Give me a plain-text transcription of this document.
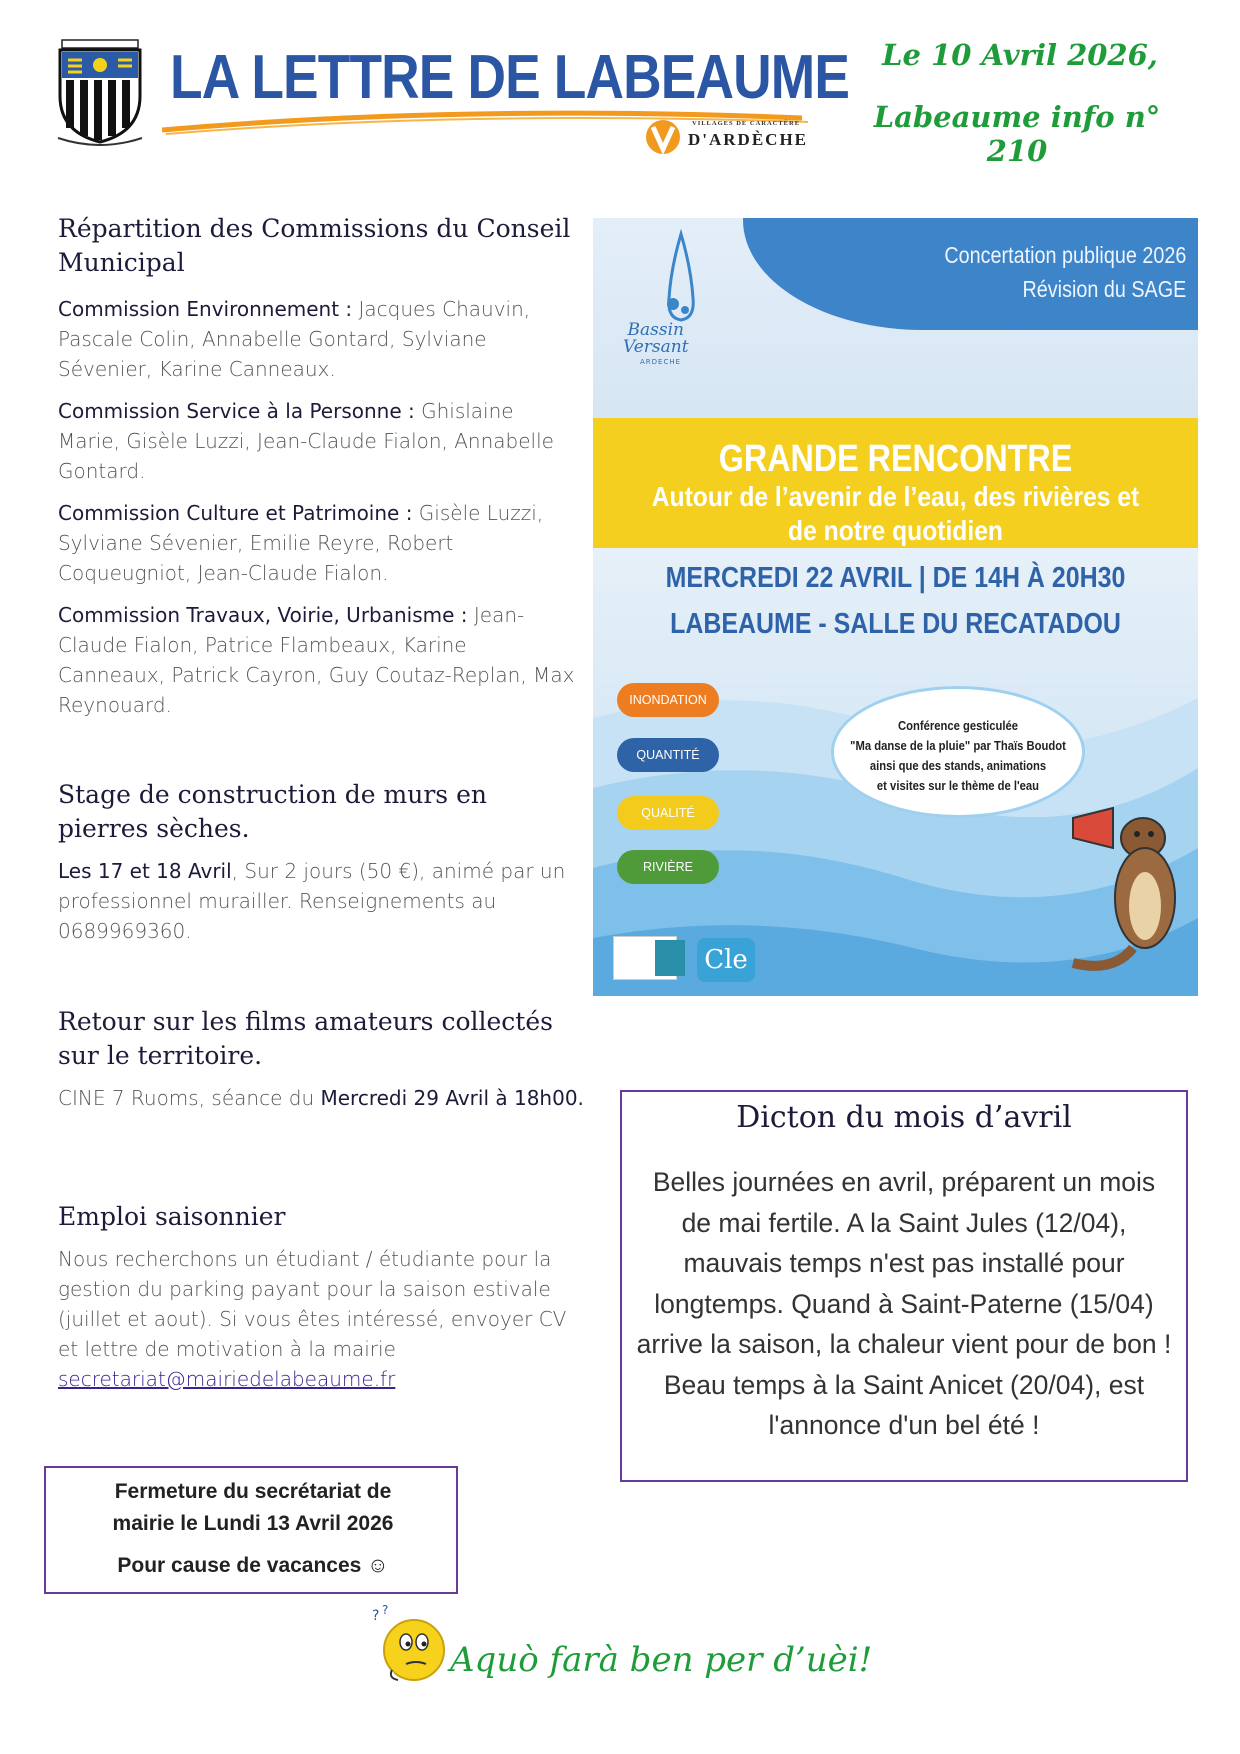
LA LETTRE DE LABEAUME
VILLAGES DE CARACTÈRE
D'ARDÈCHE
Le 10 Avril 2026,
Labeaume info n° 210
Répartition des Commissions du Conseil Municipal

Commission Environnement : Jacques Chauvin, Pascale Colin, Annabelle Gontard, Sylviane Sévenier, Karine Canneaux.

Commission Service à la Personne : Ghislaine Marie, Gisèle Luzzi, Jean-Claude Fialon, Annabelle Gontard.

Commission Culture et Patrimoine : Gisèle Luzzi, Sylviane Sévenier, Emilie Reyre, Robert Coqueugniot, Jean-Claude Fialon.

Commission Travaux, Voirie, Urbanisme : Jean-Claude Fialon, Patrice Flambeaux, Karine Canneaux, Patrick Cayron, Guy Coutaz-Replan, Max Reynouard.

Stage de construction de murs en pierres sèches.
Les 17 et 18 Avril, Sur 2 jours (50 €), animé par un professionnel murailler. Renseignements au 0689969360.
Retour sur les films amateurs collectés sur le territoire.
CINE 7 Ruoms, séance du Mercredi 29 Avril à 18h00.
Emploi saisonnier
Nous recherchons un étudiant / étudiante pour la gestion du parking payant pour la saison estivale (juillet et aout). Si vous êtes intéressé, envoyer CV et lettre de motivation à la mairie
secretariat@mairiedelabeaume.fr
Fermeture du secrétariat de
mairie le Lundi 13 Avril 2026
Pour cause de vacances ☺
Dicton du mois d’avril
Belles journées en avril, préparent un mois de mai fertile. A la Saint Jules (12/04), mauvais temps n'est pas installé pour longtemps. Quand à Saint-Paterne (15/04) arrive la saison, la chaleur vient pour de bon ! Beau temps à la Saint Anicet (20/04), est l'annonce d'un bel été !
Concertation publique 2026
Révision du SAGE
Bassin
Versant
ARDECHE
GRANDE RENCONTRE
Autour de l’avenir de l’eau, des rivières et de notre quotidien
MERCREDI 22 AVRIL | DE 14H À 20H30
LABEAUME - SALLE DU RECATADOU
INONDATION
QUANTITÉ
QUALITÉ
RIVIÈRE
Conférence gesticulée
"Ma danse de la pluie" par Thaïs Boudot
ainsi que des stands, animations
et visites sur le thème de l'eau
Cle
? ?
Aquò farà ben per d’uèi!
